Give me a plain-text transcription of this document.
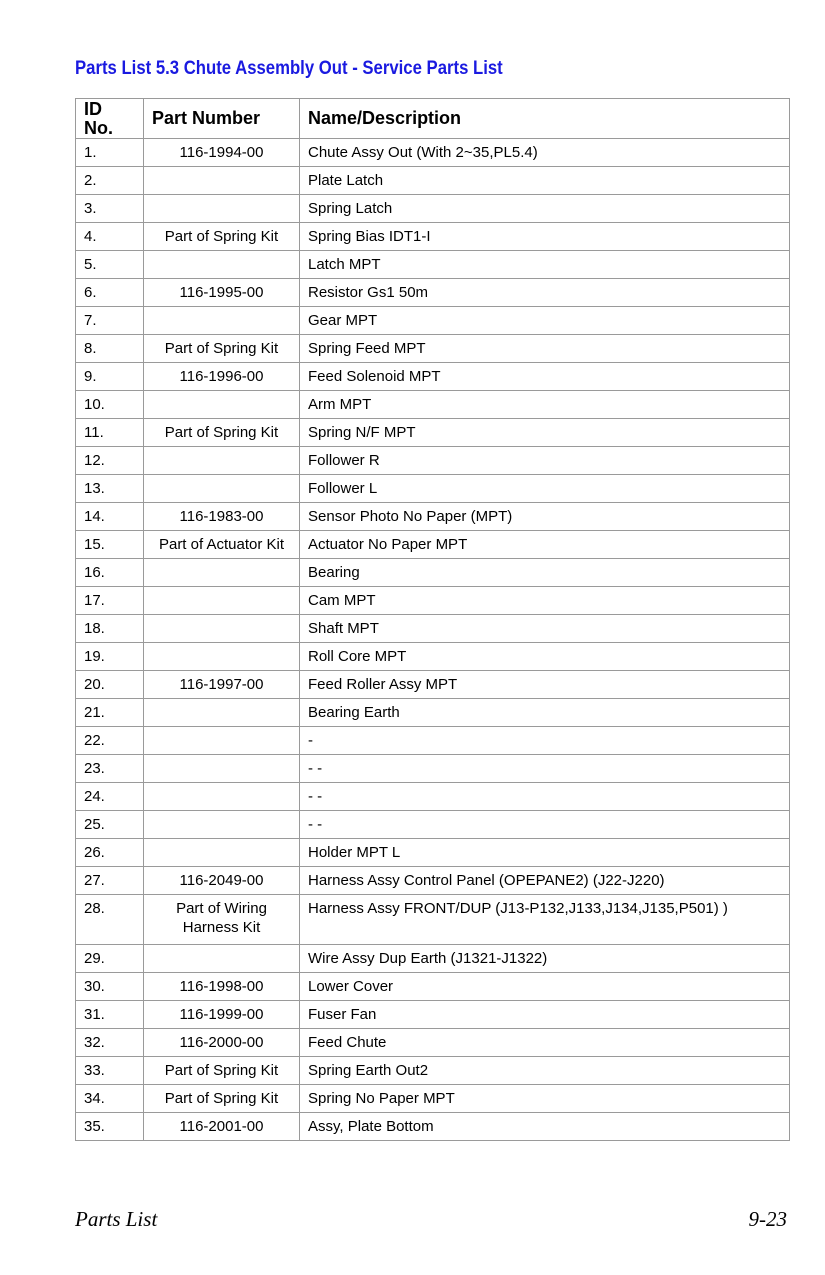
Parts List 5.3 Chute Assembly Out - Service Parts List
ID No.	Part Number	Name/Description
1.	116-1994-00	Chute Assy Out (With 2~35,PL5.4)
2.		Plate Latch
3.		Spring Latch
4.	Part of Spring Kit	Spring Bias IDT1-I
5.		Latch MPT
6.	116-1995-00	Resistor Gs1 50m
7.		Gear MPT
8.	Part of Spring Kit	Spring Feed MPT
9.	116-1996-00	Feed Solenoid MPT
10.		Arm MPT
11.	Part of Spring Kit	Spring N/F MPT
12.		Follower R
13.		Follower L
14.	116-1983-00	Sensor Photo No Paper (MPT)
15.	Part of Actuator Kit	Actuator No Paper MPT
16.		Bearing
17.		Cam MPT
18.		Shaft MPT
19.		Roll Core MPT
20.	116-1997-00	Feed Roller Assy MPT
21.		Bearing Earth
22.		-
23.		- -
24.		- -
25.		- -
26.		Holder MPT L
27.	116-2049-00	Harness Assy Control Panel (OPEPANE2) (J22-J220)
28.	Part of Wiring Harness Kit	Harness Assy FRONT/DUP (J13-P132,J133,J134,J135,P501) )
29.		Wire Assy Dup Earth (J1321-J1322)
30.	116-1998-00	Lower Cover
31.	116-1999-00	Fuser Fan
32.	116-2000-00	Feed Chute
33.	Part of Spring Kit	Spring Earth Out2
34.	Part of Spring Kit	Spring No Paper MPT
35.	116-2001-00	Assy, Plate Bottom
Parts List	9-23
